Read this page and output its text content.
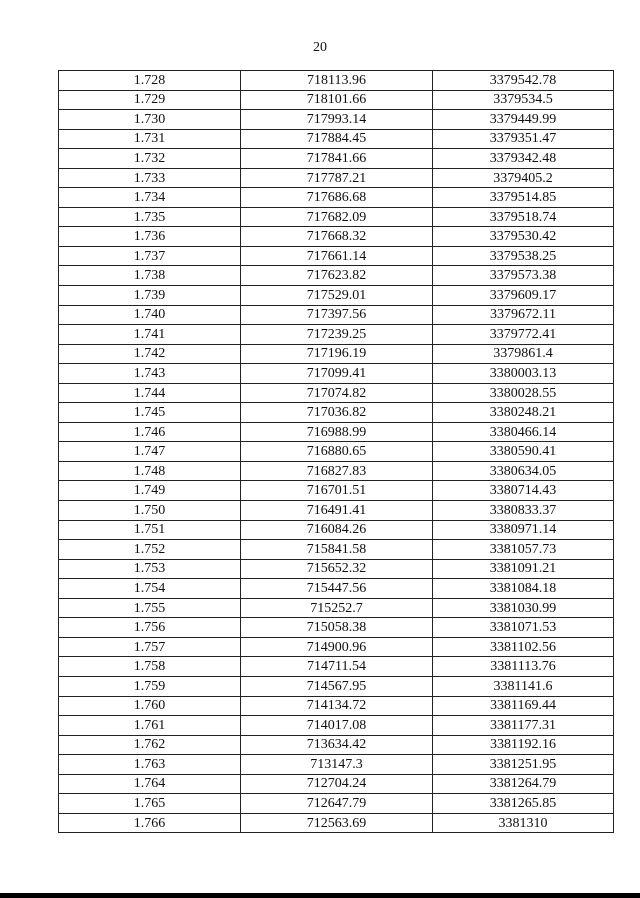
20
1.728	718113.96	3379542.78
1.729	718101.66	3379534.5
1.730	717993.14	3379449.99
1.731	717884.45	3379351.47
1.732	717841.66	3379342.48
1.733	717787.21	3379405.2
1.734	717686.68	3379514.85
1.735	717682.09	3379518.74
1.736	717668.32	3379530.42
1.737	717661.14	3379538.25
1.738	717623.82	3379573.38
1.739	717529.01	3379609.17
1.740	717397.56	3379672.11
1.741	717239.25	3379772.41
1.742	717196.19	3379861.4
1.743	717099.41	3380003.13
1.744	717074.82	3380028.55
1.745	717036.82	3380248.21
1.746	716988.99	3380466.14
1.747	716880.65	3380590.41
1.748	716827.83	3380634.05
1.749	716701.51	3380714.43
1.750	716491.41	3380833.37
1.751	716084.26	3380971.14
1.752	715841.58	3381057.73
1.753	715652.32	3381091.21
1.754	715447.56	3381084.18
1.755	715252.7	3381030.99
1.756	715058.38	3381071.53
1.757	714900.96	3381102.56
1.758	714711.54	3381113.76
1.759	714567.95	3381141.6
1.760	714134.72	3381169.44
1.761	714017.08	3381177.31
1.762	713634.42	3381192.16
1.763	713147.3	3381251.95
1.764	712704.24	3381264.79
1.765	712647.79	3381265.85
1.766	712563.69	3381310
